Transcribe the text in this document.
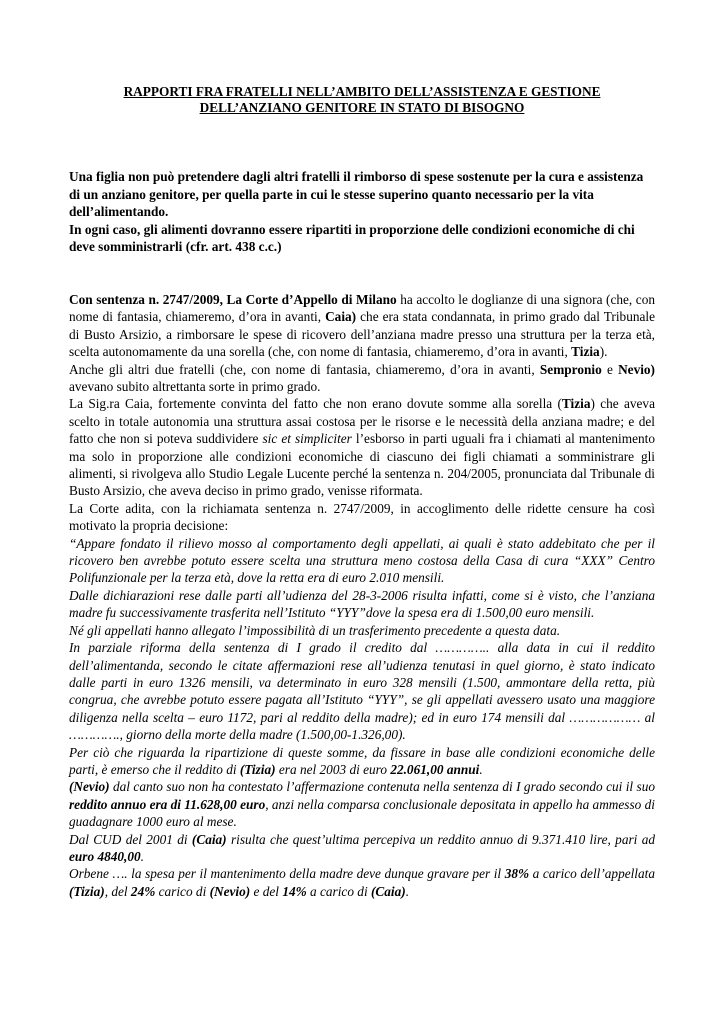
RAPPORTI FRA FRATELLI NELL’AMBITO DELL’ASSISTENZA E GESTIONE
DELL’ANZIANO GENITORE IN STATO DI BISOGNO

Una figlia non può pretendere dagli altri fratelli il rimborso di spese sostenute per la cura e assistenza di un anziano genitore, per quella parte in cui le stesse superino quanto necessario per la vita dell’alimentando.

In ogni caso, gli alimenti dovranno essere ripartiti in proporzione delle condizioni economiche di chi deve somministrarli (cfr. art. 438 c.c.)

Con sentenza n. 2747/2009, La Corte d’Appello di Milano ha accolto le doglianze di una signora (che, con nome di fantasia, chiameremo, d’ora in avanti, Caia) che era stata condannata, in primo grado dal Tribunale di Busto Arsizio, a rimborsare le spese di ricovero dell’anziana madre presso una struttura per la terza età, scelta autonomamente da una sorella (che, con nome di fantasia, chiameremo, d’ora in avanti, Tizia).

Anche gli altri due fratelli (che, con nome di fantasia, chiameremo, d’ora in avanti, Sempronio e Nevio) avevano subito altrettanta sorte in primo grado.

La Sig.ra Caia, fortemente convinta del fatto che non erano dovute somme alla sorella (Tizia) che aveva scelto in totale autonomia una struttura assai costosa per le risorse e le necessità della anziana madre; e del fatto che non si poteva suddividere sic et simpliciter l’esborso in parti uguali fra i chiamati al mantenimento ma solo in proporzione alle condizioni economiche di ciascuno dei figli chiamati a somministrare gli alimenti, si rivolgeva allo Studio Legale Lucente perché la sentenza n. 204/2005, pronunciata dal Tribunale di Busto Arsizio, che aveva deciso in primo grado, venisse riformata.

La Corte adita, con la richiamata sentenza n. 2747/2009, in accoglimento delle ridette censure ha così motivato la propria decisione:

“Appare fondato il rilievo mosso al comportamento degli appellati, ai quali è stato addebitato che per il ricovero ben avrebbe potuto essere scelta una struttura meno costosa della Casa di cura “XXX” Centro Polifunzionale per la terza età, dove la retta era di euro 2.010 mensili.

Dalle dichiarazioni rese dalle parti all’udienza del 28-3-2006 risulta infatti, come si è visto, che l’anziana madre fu successivamente trasferita nell’Istituto “YYY”dove la spesa era di 1.500,00 euro mensili.

Né gli appellati hanno allegato l’impossibilità di un trasferimento precedente a questa data.

In parziale riforma della sentenza di I grado il credito dal ………….. alla data in cui il reddito dell’alimentanda, secondo le citate affermazioni rese all’udienza tenutasi in quel giorno, è stato indicato dalle parti in euro 1326 mensili, va determinato in euro 328 mensili (1.500, ammontare della retta, più congrua, che avrebbe potuto essere pagata all’Istituto “YYY”, se gli appellati avessero usato una maggiore diligenza nella scelta – euro 1172, pari al reddito della madre); ed in euro 174 mensili dal ……………… al …………., giorno della morte della madre (1.500,00-1.326,00).

Per ciò che riguarda la ripartizione di queste somme, da fissare in base alle condizioni economiche delle parti, è emerso che il reddito di (Tizia) era nel 2003 di euro 22.061,00 annui.

(Nevio) dal canto suo non ha contestato l’affermazione contenuta nella sentenza di I grado secondo cui il suo reddito annuo era di 11.628,00 euro, anzi nella comparsa conclusionale depositata in appello ha ammesso di guadagnare 1000 euro al mese.

Dal CUD del 2001 di (Caia) risulta che quest’ultima percepiva un reddito annuo di 9.371.410 lire, pari ad euro 4840,00.

Orbene …. la spesa per il mantenimento della madre deve dunque gravare per il 38% a carico dell’appellata (Tizia), del 24% carico di (Nevio) e del 14% a carico di (Caia).
